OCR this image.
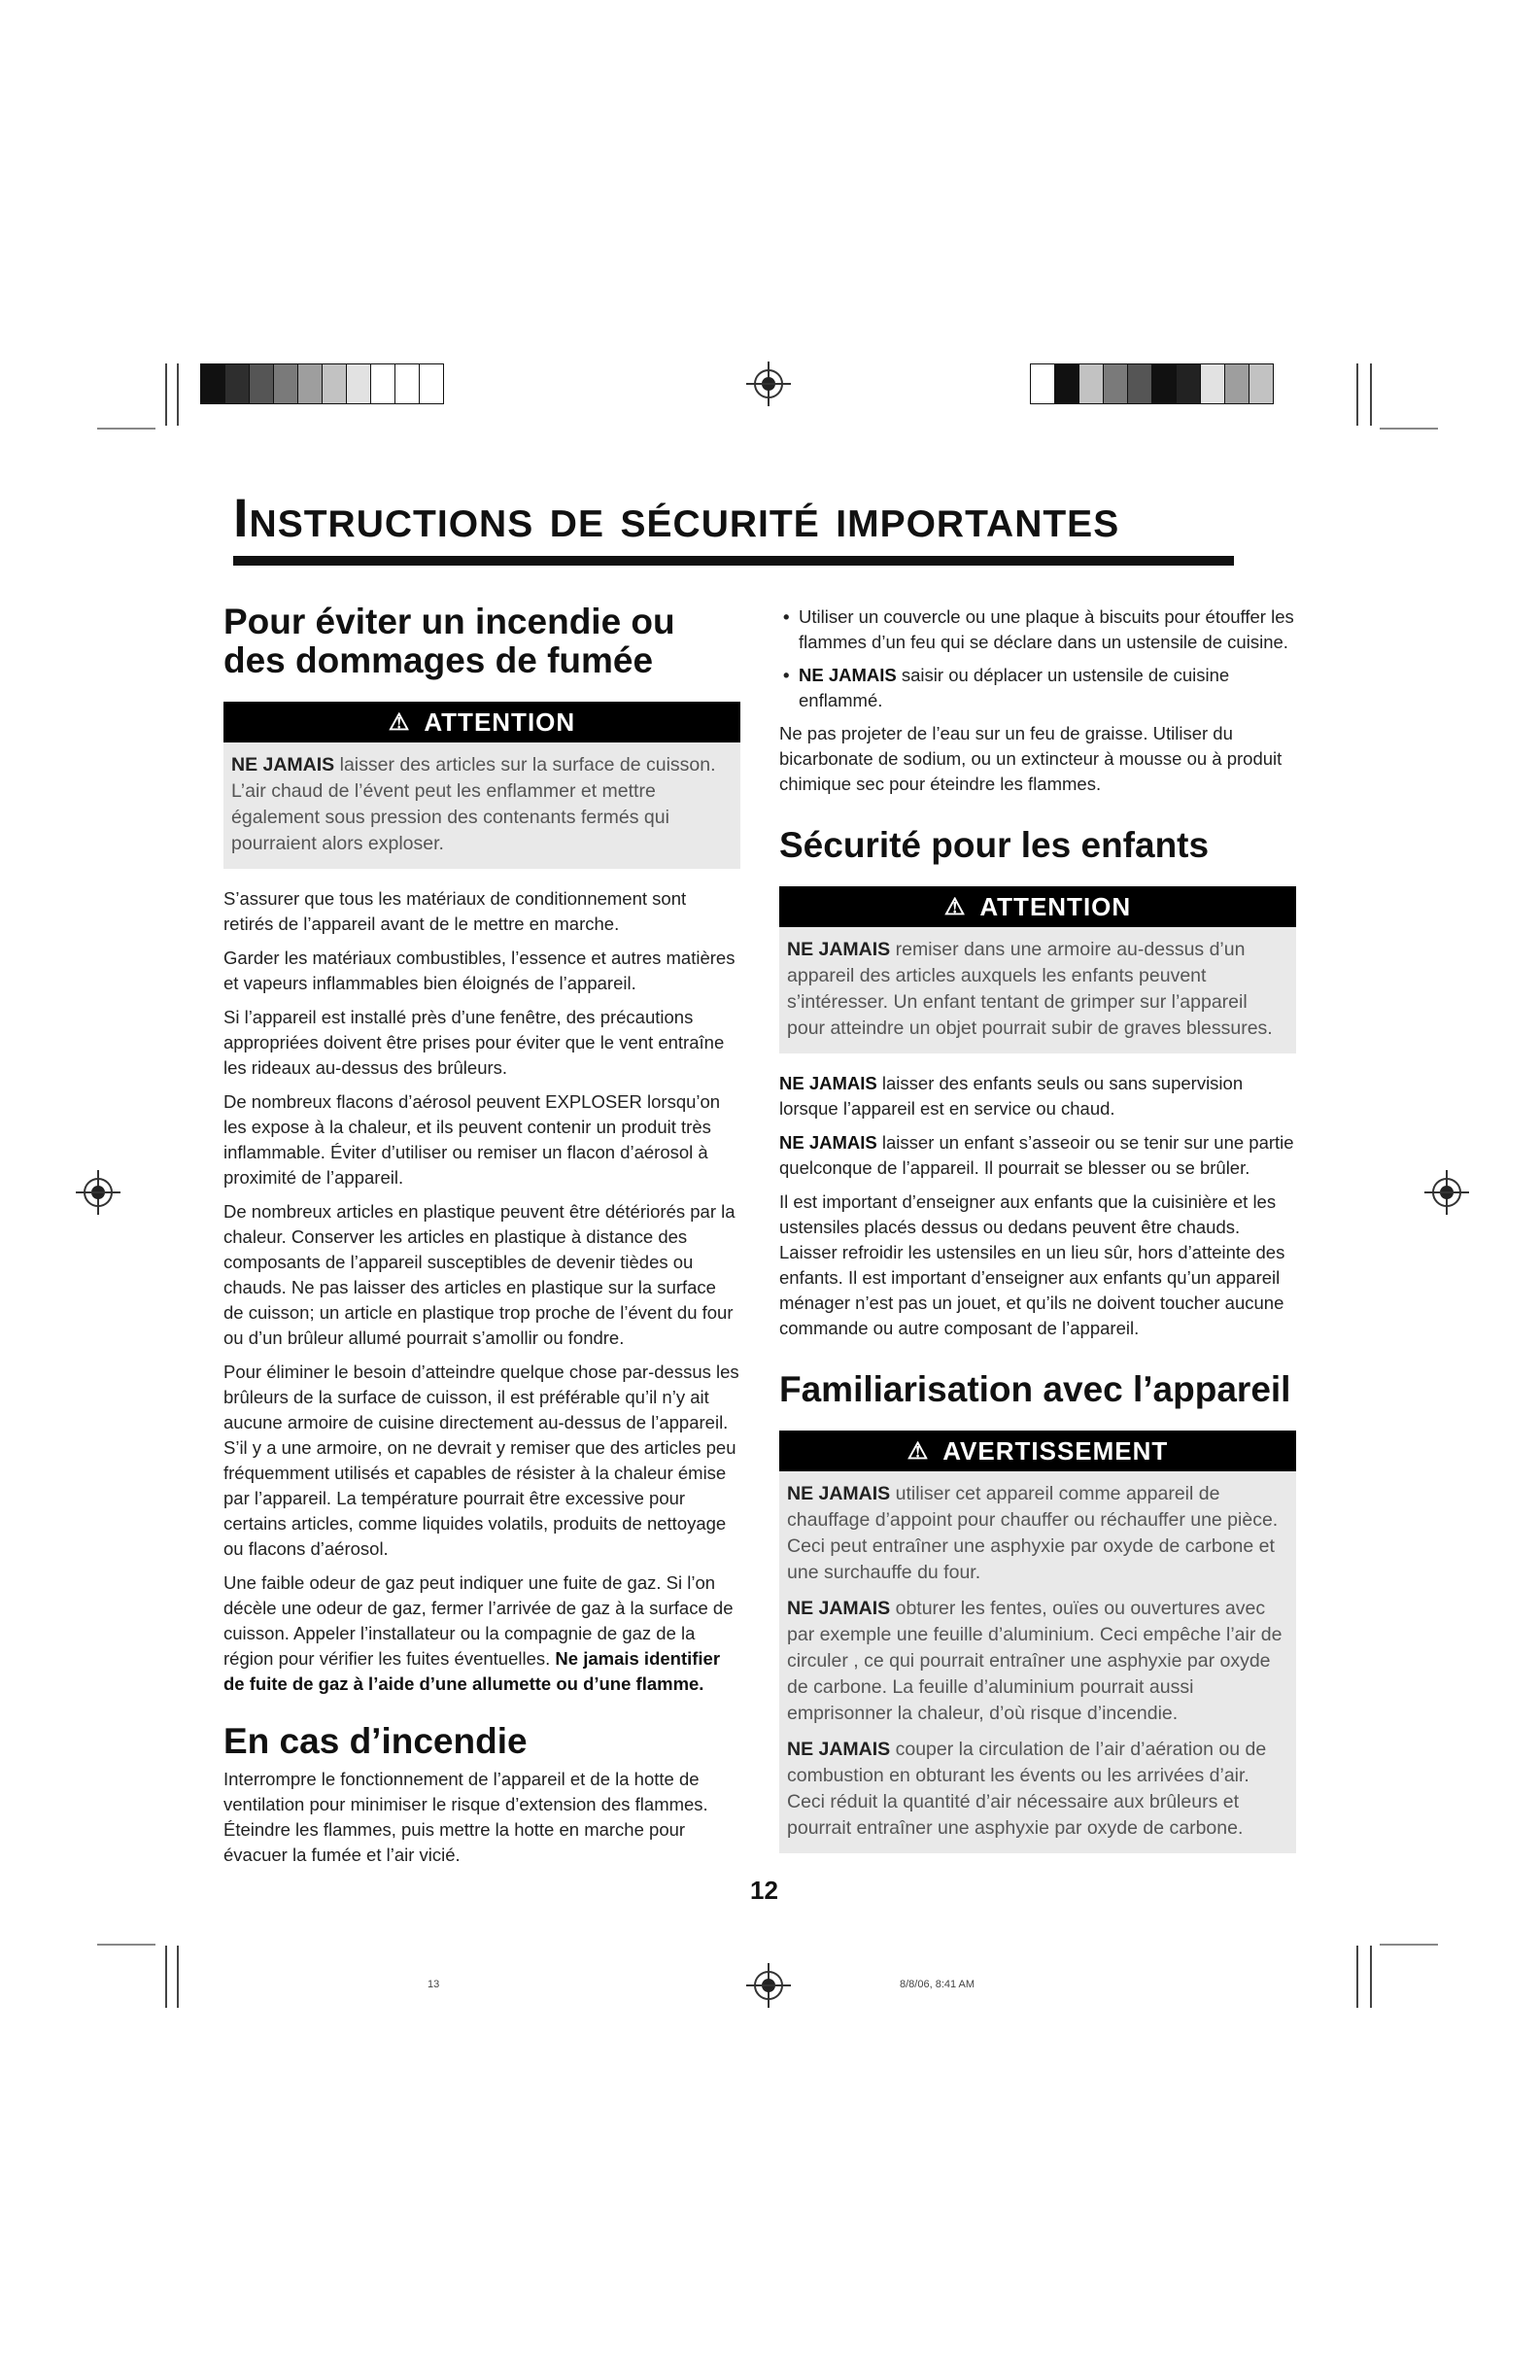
Instructions de sécurité importantes
Pour éviter un incendie ou des dommages de fumée
⚠ ATTENTION

NE JAMAIS laisser des articles sur la surface de cuisson. L’air chaud de l’évent peut les enflammer et mettre également sous pression des contenants fermés qui pourraient alors exploser.

S’assurer que tous les matériaux de conditionnement sont retirés de l’appareil avant de le mettre en marche.

Garder les matériaux combustibles, l’essence et autres matières et vapeurs inflammables bien éloignés de l’appareil.

Si l’appareil est installé près d’une fenêtre, des précautions appropriées doivent être prises pour éviter que le vent entraîne les rideaux au-dessus des brûleurs.

De nombreux flacons d’aérosol peuvent EXPLOSER lorsqu’on les expose à la chaleur, et ils peuvent contenir un produit très inflammable. Éviter d’utiliser ou remiser un flacon d’aérosol à proximité de l’appareil.

De nombreux articles en plastique peuvent être détériorés par la chaleur. Conserver les articles en plastique à distance des composants de l’appareil susceptibles de devenir tièdes ou chauds. Ne pas laisser des articles en plastique sur la surface de cuisson; un article en plastique trop proche de l’évent du four ou d’un brûleur allumé pourrait s’amollir ou fondre.

Pour éliminer le besoin d’atteindre quelque chose par-dessus les brûleurs de la surface de cuisson, il est préférable qu’il n’y ait aucune armoire de cuisine directement au-dessus de l’appareil. S’il y a une armoire, on ne devrait y remiser que des articles peu fréquemment utilisés et capables de résister à la chaleur émise par l’appareil. La température pourrait être excessive pour certains articles, comme liquides volatils, produits de nettoyage ou flacons d’aérosol.

Une faible odeur de gaz peut indiquer une fuite de gaz. Si l’on décèle une odeur de gaz, fermer l’arrivée de gaz à la surface de cuisson. Appeler l’installateur ou la compagnie de gaz de la région pour vérifier les fuites éventuelles. Ne jamais identifier de fuite de gaz à l’aide d’une allumette ou d’une flamme.

En cas d’incendie

Interrompre le fonctionnement de l’appareil et de la hotte de ventilation pour minimiser le risque d’extension des flammes. Éteindre les flammes, puis mettre la hotte en marche pour évacuer la fumée et l’air vicié.

• Utiliser un couvercle ou une plaque à biscuits pour étouffer les flammes d’un feu qui se déclare dans un ustensile de cuisine.
• NE JAMAIS saisir ou déplacer un ustensile de cuisine enflammé.

Ne pas projeter de l’eau sur un feu de graisse. Utiliser du bicarbonate de sodium, ou un extincteur à mousse ou à produit chimique sec pour éteindre les flammes.

Sécurité pour les enfants
⚠ ATTENTION

NE JAMAIS remiser dans une armoire au-dessus d’un appareil des articles auxquels les enfants peuvent s’intéresser. Un enfant tentant de grimper sur l’appareil pour atteindre un objet pourrait subir de graves blessures.

NE JAMAIS laisser des enfants seuls ou sans supervision lorsque l’appareil est en service ou chaud.

NE JAMAIS laisser un enfant s’asseoir ou se tenir sur une partie quelconque de l’appareil. Il pourrait se blesser ou se brûler.

Il est important d’enseigner aux enfants que la cuisinière et les ustensiles placés dessus ou dedans peuvent être chauds. Laisser refroidir les ustensiles en un lieu sûr, hors d’atteinte des enfants. Il est important d’enseigner aux enfants qu’un appareil ménager n’est pas un jouet, et qu’ils ne doivent toucher aucune commande ou autre composant de l’appareil.

Familiarisation avec l’appareil
⚠ AVERTISSEMENT

NE JAMAIS utiliser cet appareil comme appareil de chauffage d’appoint pour chauffer ou réchauffer une pièce. Ceci peut entraîner une asphyxie par oxyde de carbone et une surchauffe du four.

NE JAMAIS obturer les fentes, ouïes ou ouvertures avec par exemple une feuille d’aluminium. Ceci empêche l’air de circuler , ce qui pourrait entraîner une asphyxie par oxyde de carbone. La feuille d’aluminium pourrait aussi emprisonner la chaleur, d’où risque d’incendie.

NE JAMAIS couper la circulation de l’air d’aération ou de combustion en obturant les évents ou les arrivées d’air. Ceci réduit la quantité d’air nécessaire aux brûleurs et pourrait entraîner une asphyxie par oxyde de carbone.

12
13	8/8/06, 8:41 AM
